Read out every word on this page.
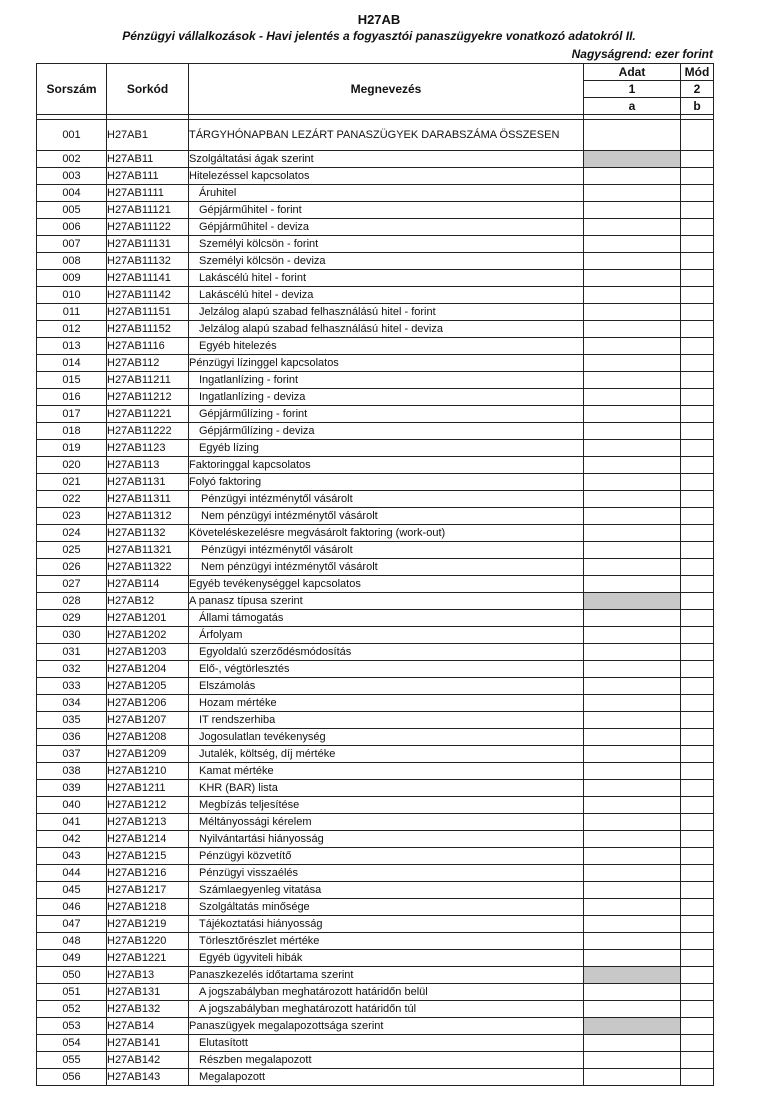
H27AB
Pénzügyi vállalkozások - Havi jelentés a fogyasztói panaszügyekre vonatkozó adatokról II.
Nagyságrend: ezer forint
Sorszám	Sorkód	Megnevezés	Adat	Mód
			1	2
			a	b

001	H27AB1	TÁRGYHÓNAPBAN LEZÁRT PANASZÜGYEK DARABSZÁMA ÖSSZESEN		
002	H27AB11	Szolgáltatási ágak szerint		
003	H27AB111	Hitelezéssel kapcsolatos		
004	H27AB1111	Áruhitel		
005	H27AB11121	Gépjárműhitel - forint		
006	H27AB11122	Gépjárműhitel - deviza		
007	H27AB11131	Személyi kölcsön - forint		
008	H27AB11132	Személyi kölcsön - deviza		
009	H27AB11141	Lakáscélú hitel - forint		
010	H27AB11142	Lakáscélú hitel - deviza		
011	H27AB11151	Jelzálog alapú szabad felhasználású hitel - forint		
012	H27AB11152	Jelzálog alapú szabad felhasználású hitel - deviza		
013	H27AB1116	Egyéb hitelezés		
014	H27AB112	Pénzügyi lízinggel kapcsolatos		
015	H27AB11211	Ingatlanlízing - forint		
016	H27AB11212	Ingatlanlízing - deviza		
017	H27AB11221	Gépjárműlízing - forint		
018	H27AB11222	Gépjárműlízing - deviza		
019	H27AB1123	Egyéb lízing		
020	H27AB113	Faktoringgal kapcsolatos		
021	H27AB1131	Folyó faktoring		
022	H27AB11311	Pénzügyi intézménytől vásárolt		
023	H27AB11312	Nem pénzügyi intézménytől vásárolt		
024	H27AB1132	Követeléskezelésre megvásárolt faktoring (work-out)		
025	H27AB11321	Pénzügyi intézménytől vásárolt		
026	H27AB11322	Nem pénzügyi intézménytől vásárolt		
027	H27AB114	Egyéb tevékenységgel kapcsolatos		
028	H27AB12	A panasz típusa szerint		
029	H27AB1201	Állami támogatás		
030	H27AB1202	Árfolyam		
031	H27AB1203	Egyoldalú szerződésmódosítás		
032	H27AB1204	Elő-, végtörlesztés		
033	H27AB1205	Elszámolás		
034	H27AB1206	Hozam mértéke		
035	H27AB1207	IT rendszerhiba		
036	H27AB1208	Jogosulatlan tevékenység		
037	H27AB1209	Jutalék, költség, díj mértéke		
038	H27AB1210	Kamat mértéke		
039	H27AB1211	KHR (BAR) lista		
040	H27AB1212	Megbízás teljesítése		
041	H27AB1213	Méltányossági kérelem		
042	H27AB1214	Nyilvántartási hiányosság		
043	H27AB1215	Pénzügyi közvetítő		
044	H27AB1216	Pénzügyi visszaélés		
045	H27AB1217	Számlaegyenleg vitatása		
046	H27AB1218	Szolgáltatás minősége		
047	H27AB1219	Tájékoztatási hiányosság		
048	H27AB1220	Törlesztőrészlet mértéke		
049	H27AB1221	Egyéb ügyviteli hibák		
050	H27AB13	Panaszkezelés időtartama szerint		
051	H27AB131	A jogszabályban meghatározott határidőn belül		
052	H27AB132	A jogszabályban meghatározott határidőn túl		
053	H27AB14	Panaszügyek megalapozottsága szerint		
054	H27AB141	Elutasított		
055	H27AB142	Részben megalapozott		
056	H27AB143	Megalapozott		
